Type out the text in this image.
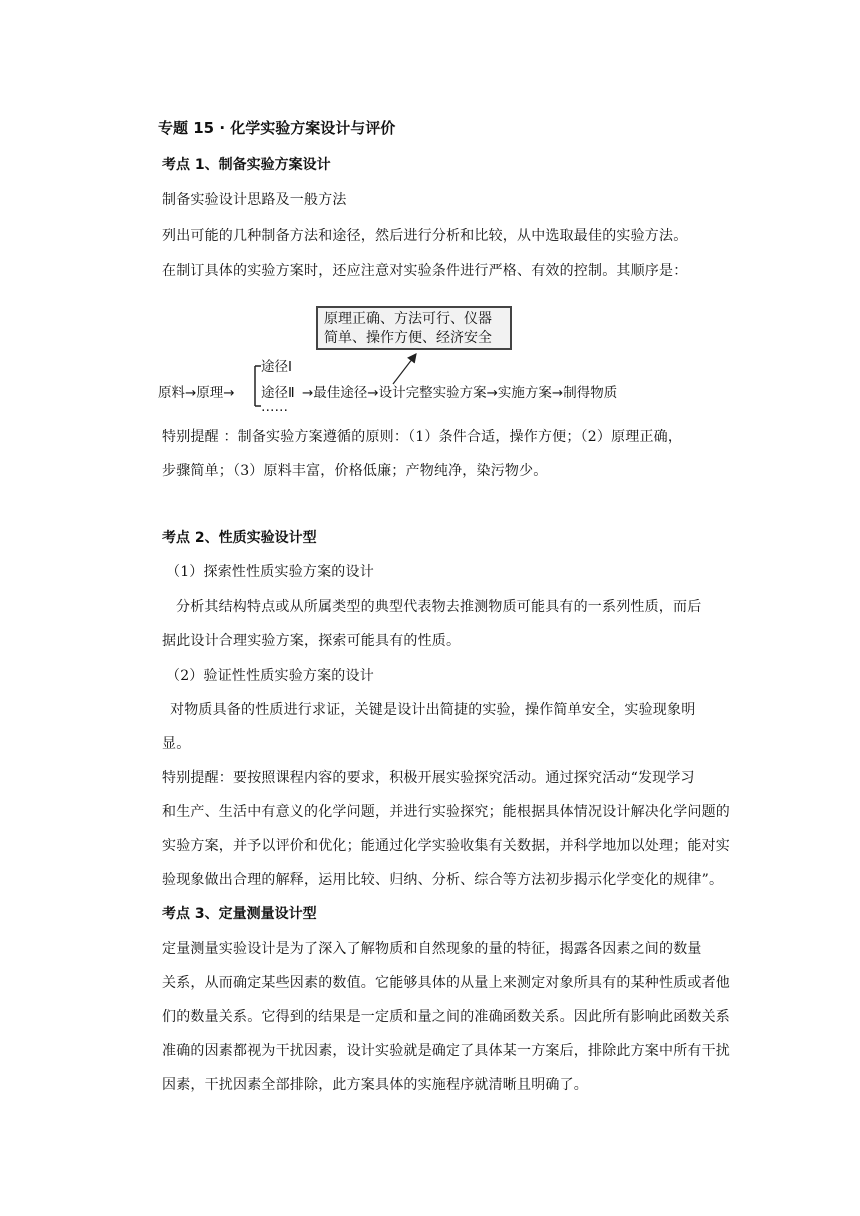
专题 15 · 化学实验方案设计与评价

考点 1、制备实验方案设计

制备实验设计思路及一般方法

列出可能的几种制备方法和途径，然后进行分析和比较，从中选取最佳的实验方法。

在制订具体的实验方案时，还应注意对实验条件进行严格、有效的控制。其顺序是：

原理正确、方法可行、仪器
简单、操作方便、经济安全
途径Ⅰ
原料→原理→ 途径Ⅱ →最佳途径→设计完整实验方案→实施方案→制得物质
……

特别提醒 ：制备实验方案遵循的原则：（1）条件合适，操作方便；（2）原理正确，

步骤简单；（3）原料丰富，价格低廉；产物纯净，染污物少。

考点 2、性质实验设计型

（1）探索性性质实验方案的设计

分析其结构特点或从所属类型的典型代表物去推测物质可能具有的一系列性质，而后

据此设计合理实验方案，探索可能具有的性质。

（2）验证性性质实验方案的设计

对物质具备的性质进行求证，关键是设计出简捷的实验，操作简单安全，实验现象明

显。

特别提醒：要按照课程内容的要求，积极开展实验探究活动。通过探究活动“发现学习

和生产、生活中有意义的化学问题，并进行实验探究；能根据具体情况设计解决化学问题的

实验方案，并予以评价和优化；能通过化学实验收集有关数据，并科学地加以处理；能对实

验现象做出合理的解释，运用比较、归纳、分析、综合等方法初步揭示化学变化的规律”。

考点 3、定量测量设计型

定量测量实验设计是为了深入了解物质和自然现象的量的特征，揭露各因素之间的数量

关系，从而确定某些因素的数值。它能够具体的从量上来测定对象所具有的某种性质或者他

们的数量关系。它得到的结果是一定质和量之间的准确函数关系。因此所有影响此函数关系

准确的因素都视为干扰因素，设计实验就是确定了具体某一方案后，排除此方案中所有干扰

因素，干扰因素全部排除，此方案具体的实施程序就清晰且明确了。
